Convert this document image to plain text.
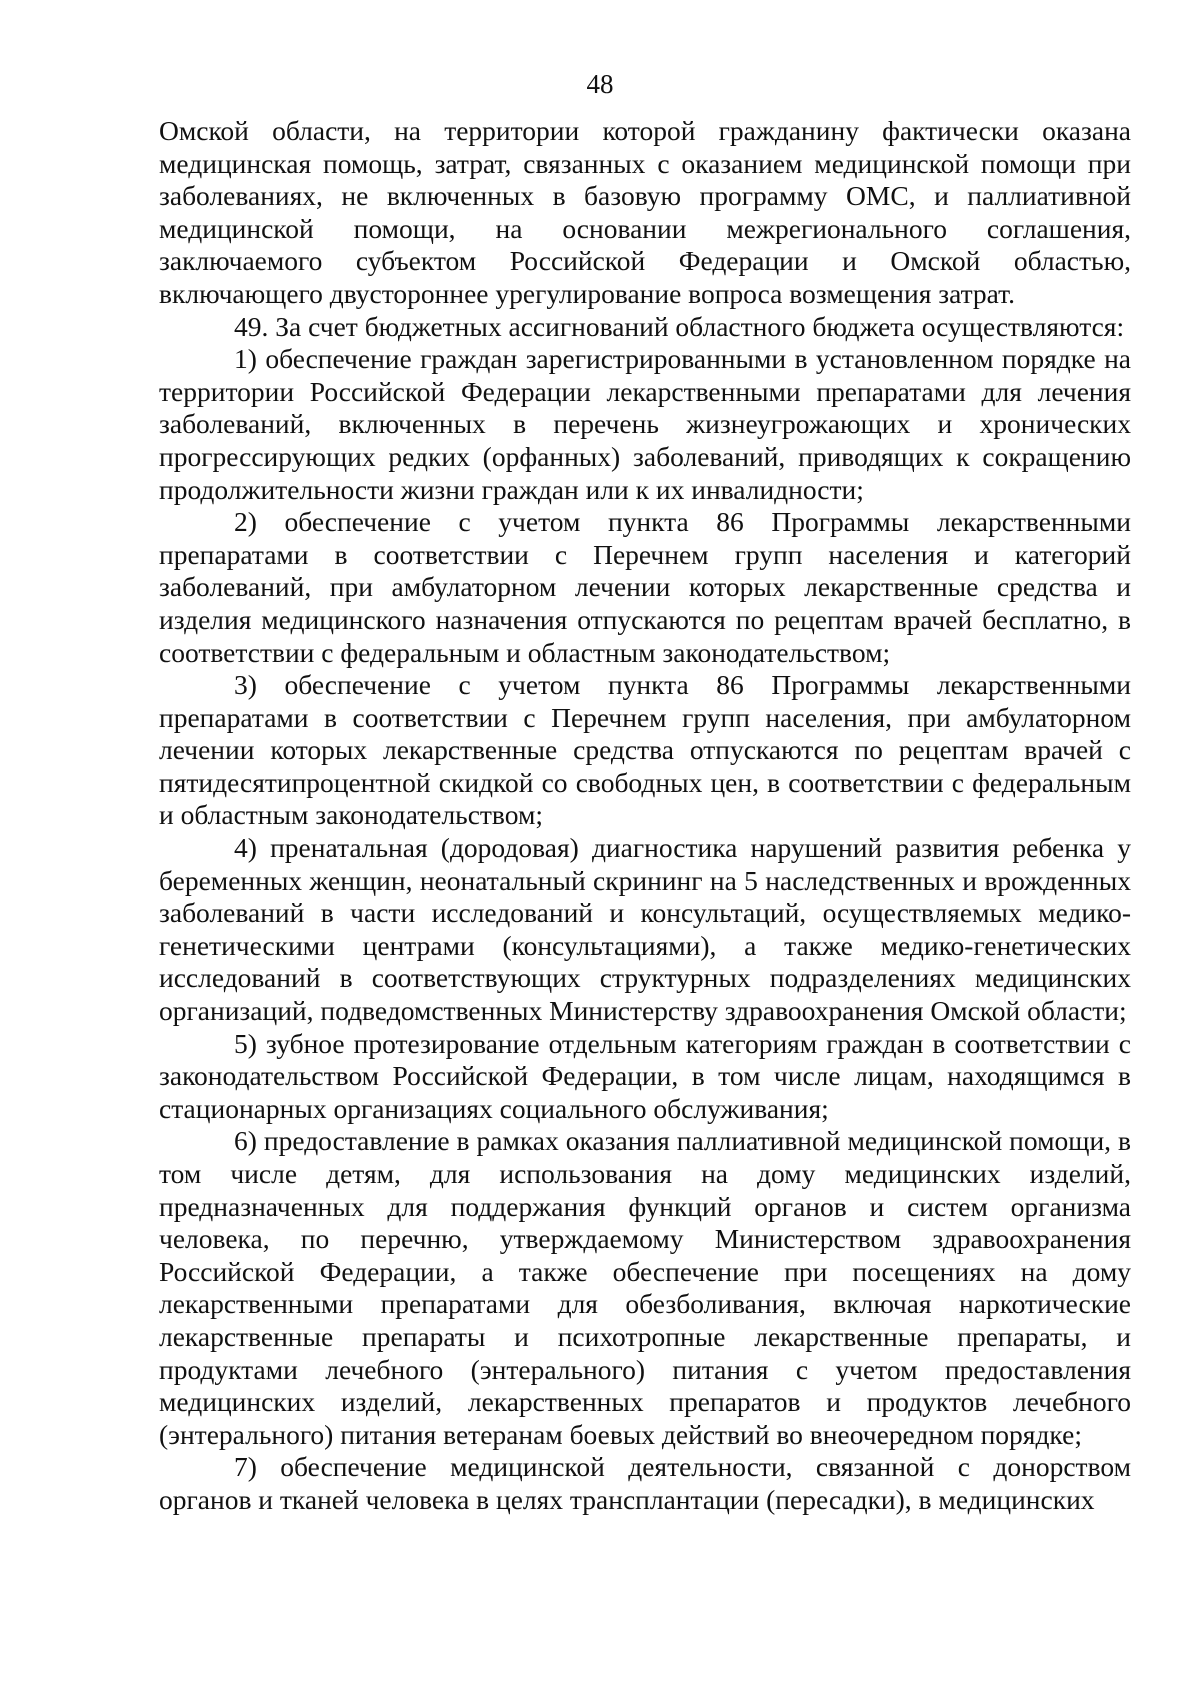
48

Омской области, на территории которой гражданину фактически оказана медицинская помощь, затрат, связанных с оказанием медицинской помощи при заболеваниях, не включенных в базовую программу ОМС, и паллиативной медицинской помощи, на основании межрегионального соглашения, заключаемого субъектом Российской Федерации и Омской областью, включающего двустороннее урегулирование вопроса возмещения затрат.

49. За счет бюджетных ассигнований областного бюджета осуществляются:

1) обеспечение граждан зарегистрированными в установленном порядке на территории Российской Федерации лекарственными препаратами для лечения заболеваний, включенных в перечень жизнеугрожающих и хронических прогрессирующих редких (орфанных) заболеваний, приводящих к сокращению продолжительности жизни граждан или к их инвалидности;

2) обеспечение с учетом пункта 86 Программы лекарственными препаратами в соответствии с Перечнем групп населения и категорий заболеваний, при амбулаторном лечении которых лекарственные средства и изделия медицинского назначения отпускаются по рецептам врачей бесплатно, в соответствии с федеральным и областным законодательством;

3) обеспечение с учетом пункта 86 Программы лекарственными препаратами в соответствии с Перечнем групп населения, при амбулаторном лечении которых лекарственные средства отпускаются по рецептам врачей с пятидесятипроцентной скидкой со свободных цен, в соответствии с федеральным и областным законодательством;

4) пренатальная (дородовая) диагностика нарушений развития ребенка у беременных женщин, неонатальный скрининг на 5 наследственных и врожденных заболеваний в части исследований и консультаций, осуществляемых медико-генетическими центрами (консультациями), а также медико-генетических исследований в соответствующих структурных подразделениях медицинских организаций, подведомственных Министерству здравоохранения Омской области;

5) зубное протезирование отдельным категориям граждан в соответствии с законодательством Российской Федерации, в том числе лицам, находящимся в стационарных организациях социального обслуживания;

6) предоставление в рамках оказания паллиативной медицинской помощи, в том числе детям, для использования на дому медицинских изделий, предназначенных для поддержания функций органов и систем организма человека, по перечню, утверждаемому Министерством здравоохранения Российской Федерации, а также обеспечение при посещениях на дому лекарственными препаратами для обезболивания, включая наркотические лекарственные препараты и психотропные лекарственные препараты, и продуктами лечебного (энтерального) питания с учетом предоставления медицинских изделий, лекарственных препаратов и продуктов лечебного (энтерального) питания ветеранам боевых действий во внеочередном порядке;

7) обеспечение медицинской деятельности, связанной с донорством органов и тканей человека в целях трансплантации (пересадки), в медицинских
